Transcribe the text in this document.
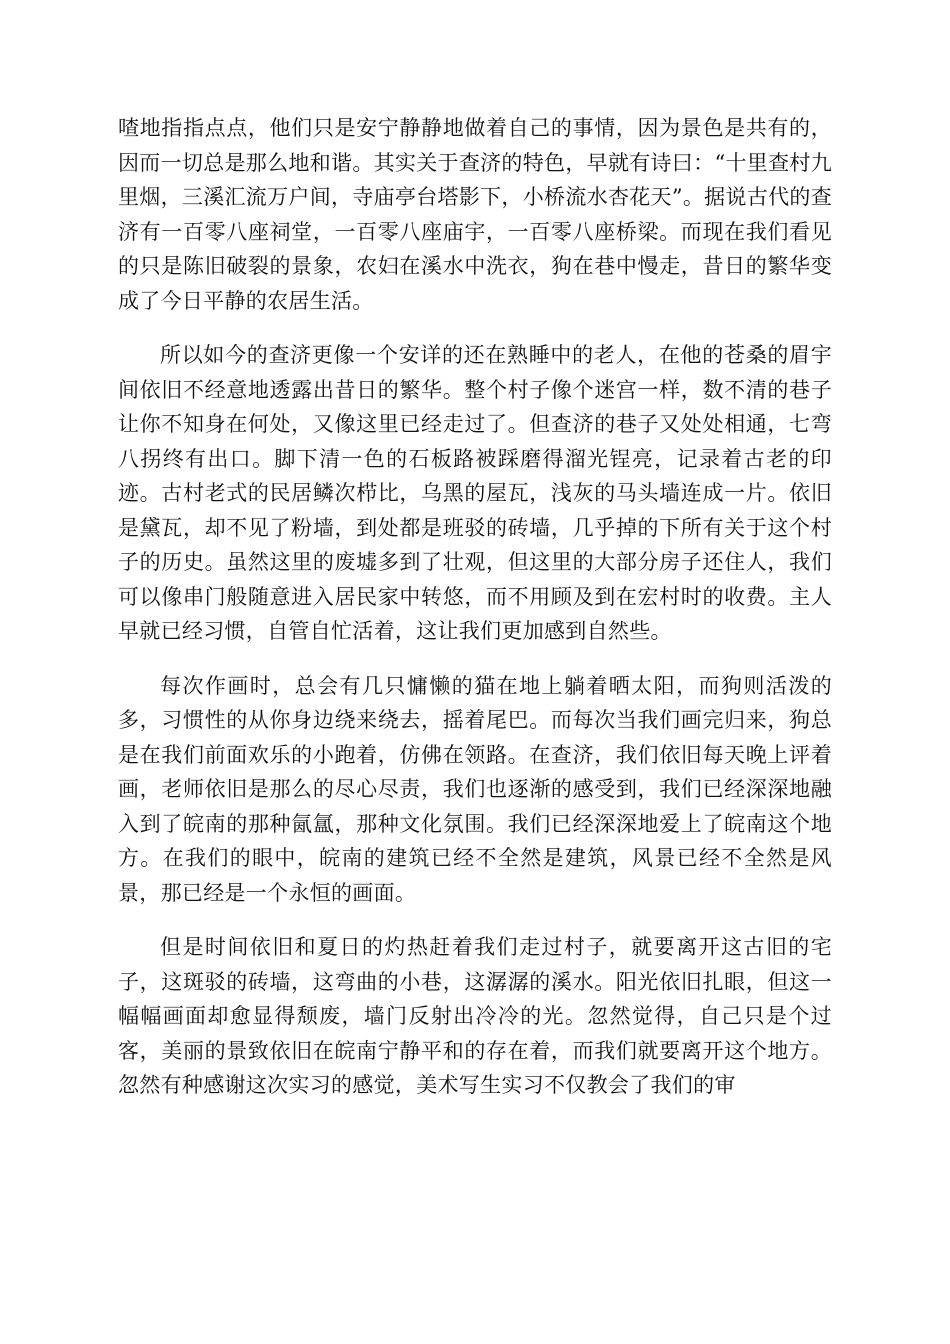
喳地指指点点，他们只是安宁静静地做着自己的事情，因为景色是共有的，因而一切总是那么地和谐。其实关于查济的特色，早就有诗曰：“十里查村九里烟，三溪汇流万户间，寺庙亭台塔影下，小桥流水杏花天”。据说古代的查济有一百零八座祠堂，一百零八座庙宇，一百零八座桥梁。而现在我们看见的只是陈旧破裂的景象，农妇在溪水中洗衣，狗在巷中慢走，昔日的繁华变成了今日平静的农居生活。

所以如今的查济更像一个安详的还在熟睡中的老人，在他的苍桑的眉宇间依旧不经意地透露出昔日的繁华。整个村子像个迷宫一样，数不清的巷子让你不知身在何处，又像这里已经走过了。但查济的巷子又处处相通，七弯八拐终有出口。脚下清一色的石板路被踩磨得溜光锃亮，记录着古老的印迹。古村老式的民居鳞次栉比，乌黑的屋瓦，浅灰的马头墙连成一片。依旧是黛瓦，却不见了粉墙，到处都是班驳的砖墙，几乎掉的下所有关于这个村子的历史。虽然这里的废墟多到了壮观，但这里的大部分房子还住人，我们可以像串门般随意进入居民家中转悠，而不用顾及到在宏村时的收费。主人早就已经习惯，自管自忙活着，这让我们更加感到自然些。

每次作画时，总会有几只慵懒的猫在地上躺着晒太阳，而狗则活泼的多，习惯性的从你身边绕来绕去，摇着尾巴。而每次当我们画完归来，狗总是在我们前面欢乐的小跑着，仿佛在领路。在查济，我们依旧每天晚上评着画，老师依旧是那么的尽心尽责，我们也逐渐的感受到，我们已经深深地融入到了皖南的那种氤氲，那种文化氛围。我们已经深深地爱上了皖南这个地方。在我们的眼中，皖南的建筑已经不全然是建筑，风景已经不全然是风景，那已经是一个永恒的画面。

但是时间依旧和夏日的灼热赶着我们走过村子，就要离开这古旧的宅子，这斑驳的砖墙，这弯曲的小巷，这潺潺的溪水。阳光依旧扎眼，但这一幅幅画面却愈显得颓废，墙门反射出冷冷的光。忽然觉得，自己只是个过客，美丽的景致依旧在皖南宁静平和的存在着，而我们就要离开这个地方。忽然有种感谢这次实习的感觉，美术写生实习不仅教会了我们的审
